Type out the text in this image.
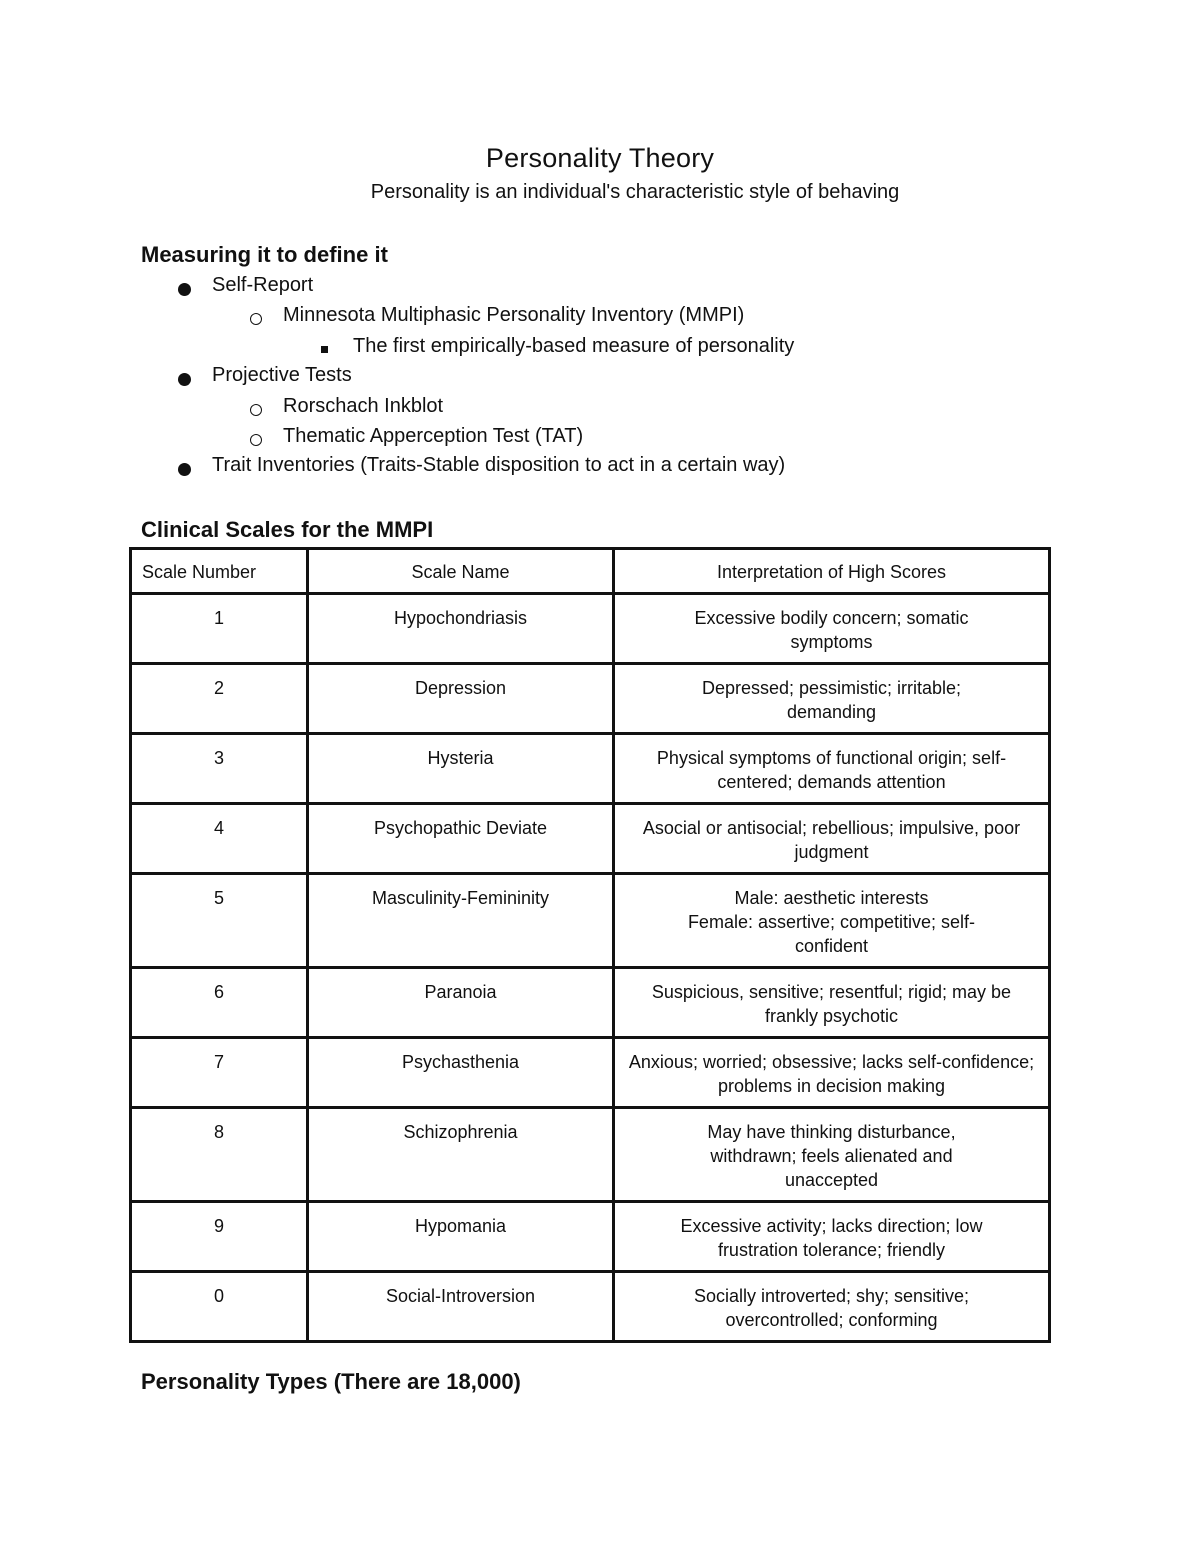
Personality Theory
Personality is an individual's characteristic style of behaving
Measuring it to define it
Self-Report
Minnesota Multiphasic Personality Inventory (MMPI)
The first empirically-based measure of personality
Projective Tests
Rorschach Inkblot
Thematic Apperception Test (TAT)
Trait Inventories (Traits-Stable disposition to act in a certain way)
Clinical Scales for the MMPI
Scale Number	Scale Name	Interpretation of High Scores
1	Hypochondriasis	Excessive bodily concern; somatic symptoms
2	Depression	Depressed; pessimistic; irritable; demanding
3	Hysteria	Physical symptoms of functional origin; self-centered; demands attention
4	Psychopathic Deviate	Asocial or antisocial; rebellious; impulsive, poor judgment
5	Masculinity-Femininity	Male: aesthetic interests
Female: assertive; competitive; self-confident

6	Paranoia	Suspicious, sensitive; resentful; rigid; may be frankly psychotic
7	Psychasthenia	Anxious; worried; obsessive; lacks self-confidence; problems in decision making
8	Schizophrenia	May have thinking disturbance, withdrawn; feels alienated and unaccepted
9	Hypomania	Excessive activity; lacks direction; low frustration tolerance; friendly
0	Social-Introversion	Socially introverted; shy; sensitive; overcontrolled; conforming
Personality Types (There are 18,000)
